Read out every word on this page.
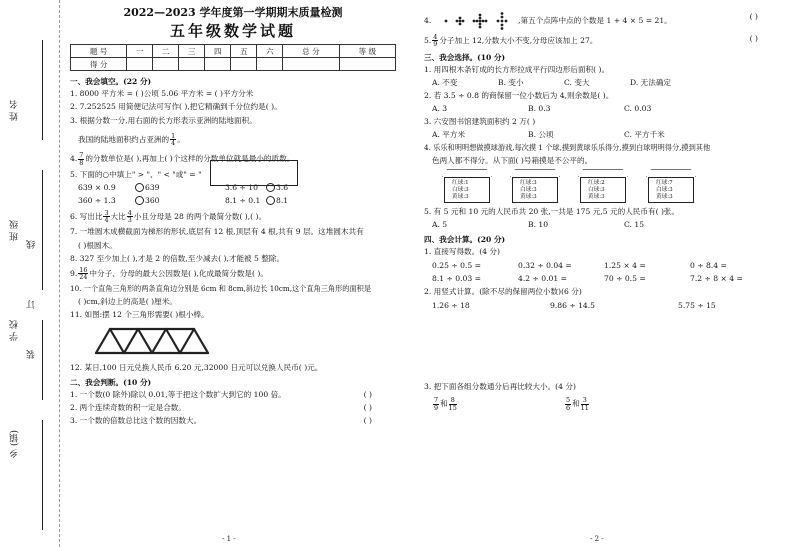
姓 名
班 级
学 校
乡 (镇)
线
订
装
2022—2023 学年度第一学期期末质量检测
五年级数学试题
题 号	一	二	三	四	五	六	总 分	等 级
得 分								
一、我会填空。(22 分)
1. 8000 平方米 = ( )公顷 5.06 平方米 = ( )平方分米
2. 7.252525 用简便记法可写作( ),把它精确到千分位约是( )。
3. 根据分数一分,用右面的长方形表示亚洲的陆地面积。
我国的陆地面积约占亚洲的 $\frac{1}{4}$ 。
4. $\frac{7}{8}$ 的分数单位是( ),再加上( )个这样的分数单位就是最小的质数。
5. 下面的○中填上" > "、" < "或" = "
639 × 0.9	639	3.6 ÷ 10	3.6
360 ÷ 1.3	360	8.1 ÷ 0.1	8.1
6. 写出比 $\frac{3}{4}$ 大比 $\frac{4}{3}$ 小且分母是 28 的两个最简分数( ),( )。
7. 一堆圆木成横截面为梯形的形状,底层有 12 根,顶层有 4 根,共有 9 层。这堆圆木共有
( )根圆木。
8. 327 至少加上( ),才是 2 的倍数,至少减去( ),才能被 5 整除。
9. $\frac{16}{24}$ 中分子、分母的最大公因数是( ),化成最简分数是( )。
10. 一个直角三角形的两条直角边分别是 6cm 和 8cm,斜边长 10cm,这个直角三角形的面积是
( )cm,斜边上的高是( )厘米。
11. 如图:摆 12 个三角形需要( )根小棒。
12. 某日,100 日元兑换人民币 6.20 元,32000 日元可以兑换人民币( )元。
二、我会判断。(10 分)
1. 一个数(0 除外)除以 0.01,等于把这个数扩大到它的 100 倍。	( )
2. 两个连续奇数的积一定是合数。	( )
3. 一个数的倍数总比这个数的因数大。	( )
- 1 -
4.	,第五个点阵中点的个数是 1 + 4 × 5 = 21。	( )
5. $\frac{4}{9}$ 分子加上 12,分数大小不变,分母应该加上 27。	( )
三、我会选择。(10 分)
1. 用四根木条钉成的长方形拉成平行四边形后面积( )。
A. 不变	B. 变小	C. 变大	D. 无法确定
2. 若 3.5 ÷ 0.8 的商保留一位小数后为 4,则余数是( )。
A. 3	B. 0.3	C. 0.03
3. 六安图书馆建筑面积约 2 万( )
A. 平方米	B. 公顷	C. 平方千米
4. 乐乐和明明想做摸球游戏,每次摸 1 个球,摸到黄球乐乐得分,摸到白球明明得分,摸到其他
色两人都不得分。从下面( )号箱摸是不公平的。
红球:1
白球:3
黄球:3
红球:3
白球:3
黄球:3
红球:2
白球:3
黄球:3
红球:7
白球:3
黄球:3
5. 有 5 元和 10 元的人民币共 20 张,一共是 175 元,5 元的人民币有( )张。
A. 5	B. 10	C. 15
四、我会计算。(20 分)
1. 直接写得数。(4 分)
0.25 ÷ 0.5 =	0.32 ÷ 0.04 =	1.25 × 4 =	0 ÷ 8.4 =
8.1 ÷ 0.03 =	4.2 ÷ 0.01 =	70 ÷ 0.5 =	7.2 ÷ 8 × 4 =
2. 用竖式计算。(除不尽的保留两位小数)(6 分)
1.26 ÷ 18	9.86 ÷ 14.5	5.75 ÷ 15
3. 把下面各组分数通分后再比较大小。(4 分)
$\frac{7}{9}$ 和 $\frac{8}{15}$	$\frac{5}{6}$ 和 $\frac{3}{11}$
- 2 -
